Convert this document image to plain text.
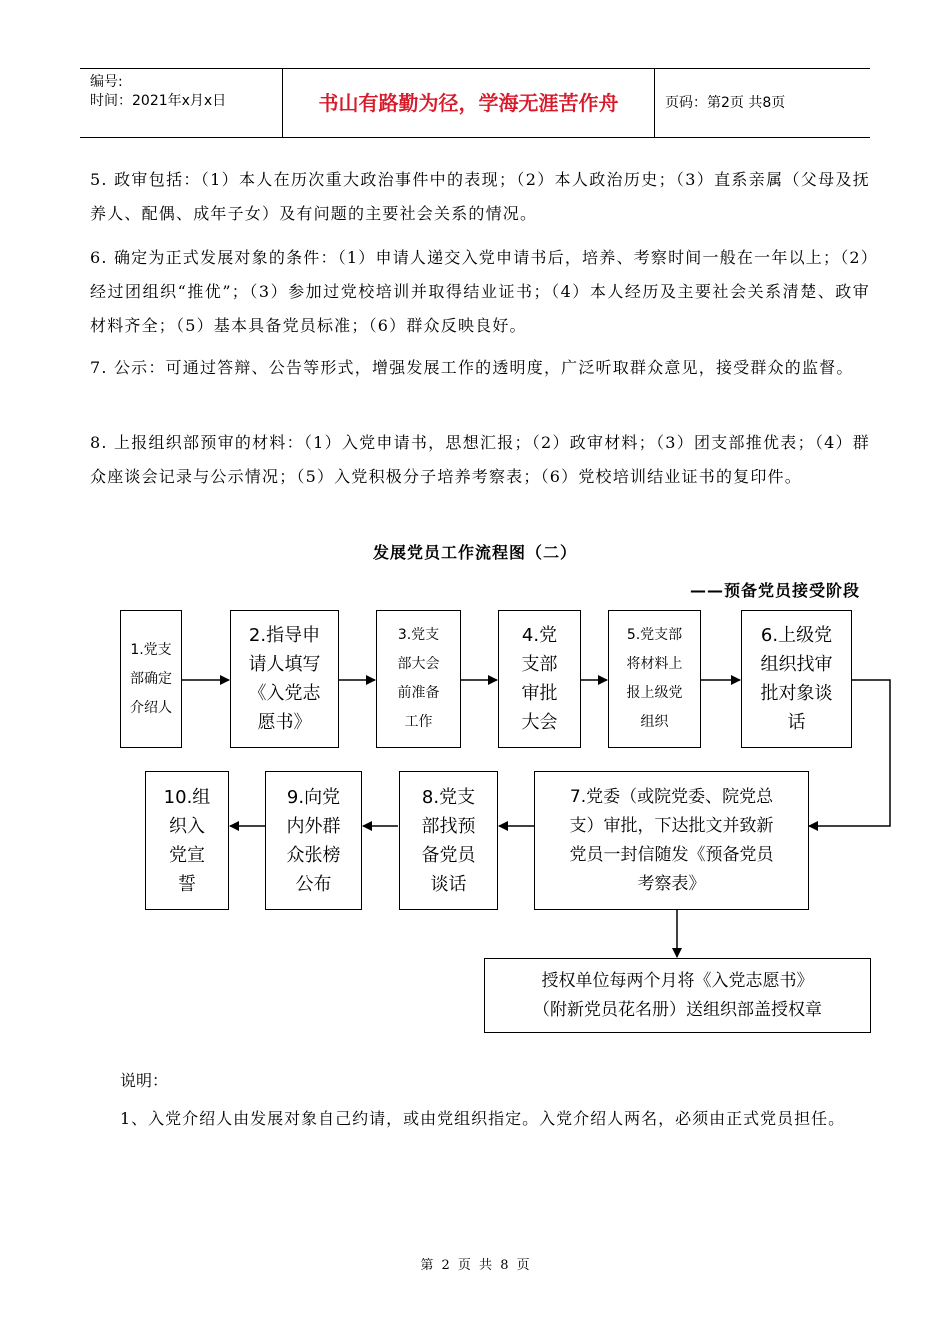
编号:
时间：2021年x月x日	书山有路勤为径，学海无涯苦作舟	页码：第2页 共8页
5. 政审包括：（1）本人在历次重大政治事件中的表现；（2）本人政治历史；（3）直系亲属（父母及抚养人、配偶、成年子女）及有问题的主要社会关系的情况。
6. 确定为正式发展对象的条件：（1）申请人递交入党申请书后，培养、考察时间一般在一年以上；（2）经过团组织“推优”；（3）参加过党校培训并取得结业证书；（4）本人经历及主要社会关系清楚、政审材料齐全；（5）基本具备党员标准；（6）群众反映良好。
7. 公示：可通过答辩、公告等形式，增强发展工作的透明度，广泛听取群众意见，接受群众的监督。
8. 上报组织部预审的材料：（1）入党申请书，思想汇报；（2）政审材料；（3）团支部推优表；（4）群众座谈会记录与公示情况；（5）入党积极分子培养考察表；（6）党校培训结业证书的复印件。
发展党员工作流程图（二）
——预备党员接受阶段
1.党支
部确定
介绍人
2.指导申
请人填写
《入党志
愿书》
3.党支
部大会
前准备
工作
4.党
支部
审批
大会
5.党支部
将材料上
报上级党
组织
6.上级党
组织找审
批对象谈
话
7.党委（或院党委、院党总
支）审批，下达批文并致新
党员一封信随发《预备党员
考察表》
8.党支
部找预
备党员
谈话
9.向党
内外群
众张榜
公布
10.组
织入
党宣
誓
授权单位每两个月将《入党志愿书》
（附新党员花名册）送组织部盖授权章
说明：
1、入党介绍人由发展对象自己约请，或由党组织指定。入党介绍人两名，必须由正式党员担任。
第 2 页 共 8 页
